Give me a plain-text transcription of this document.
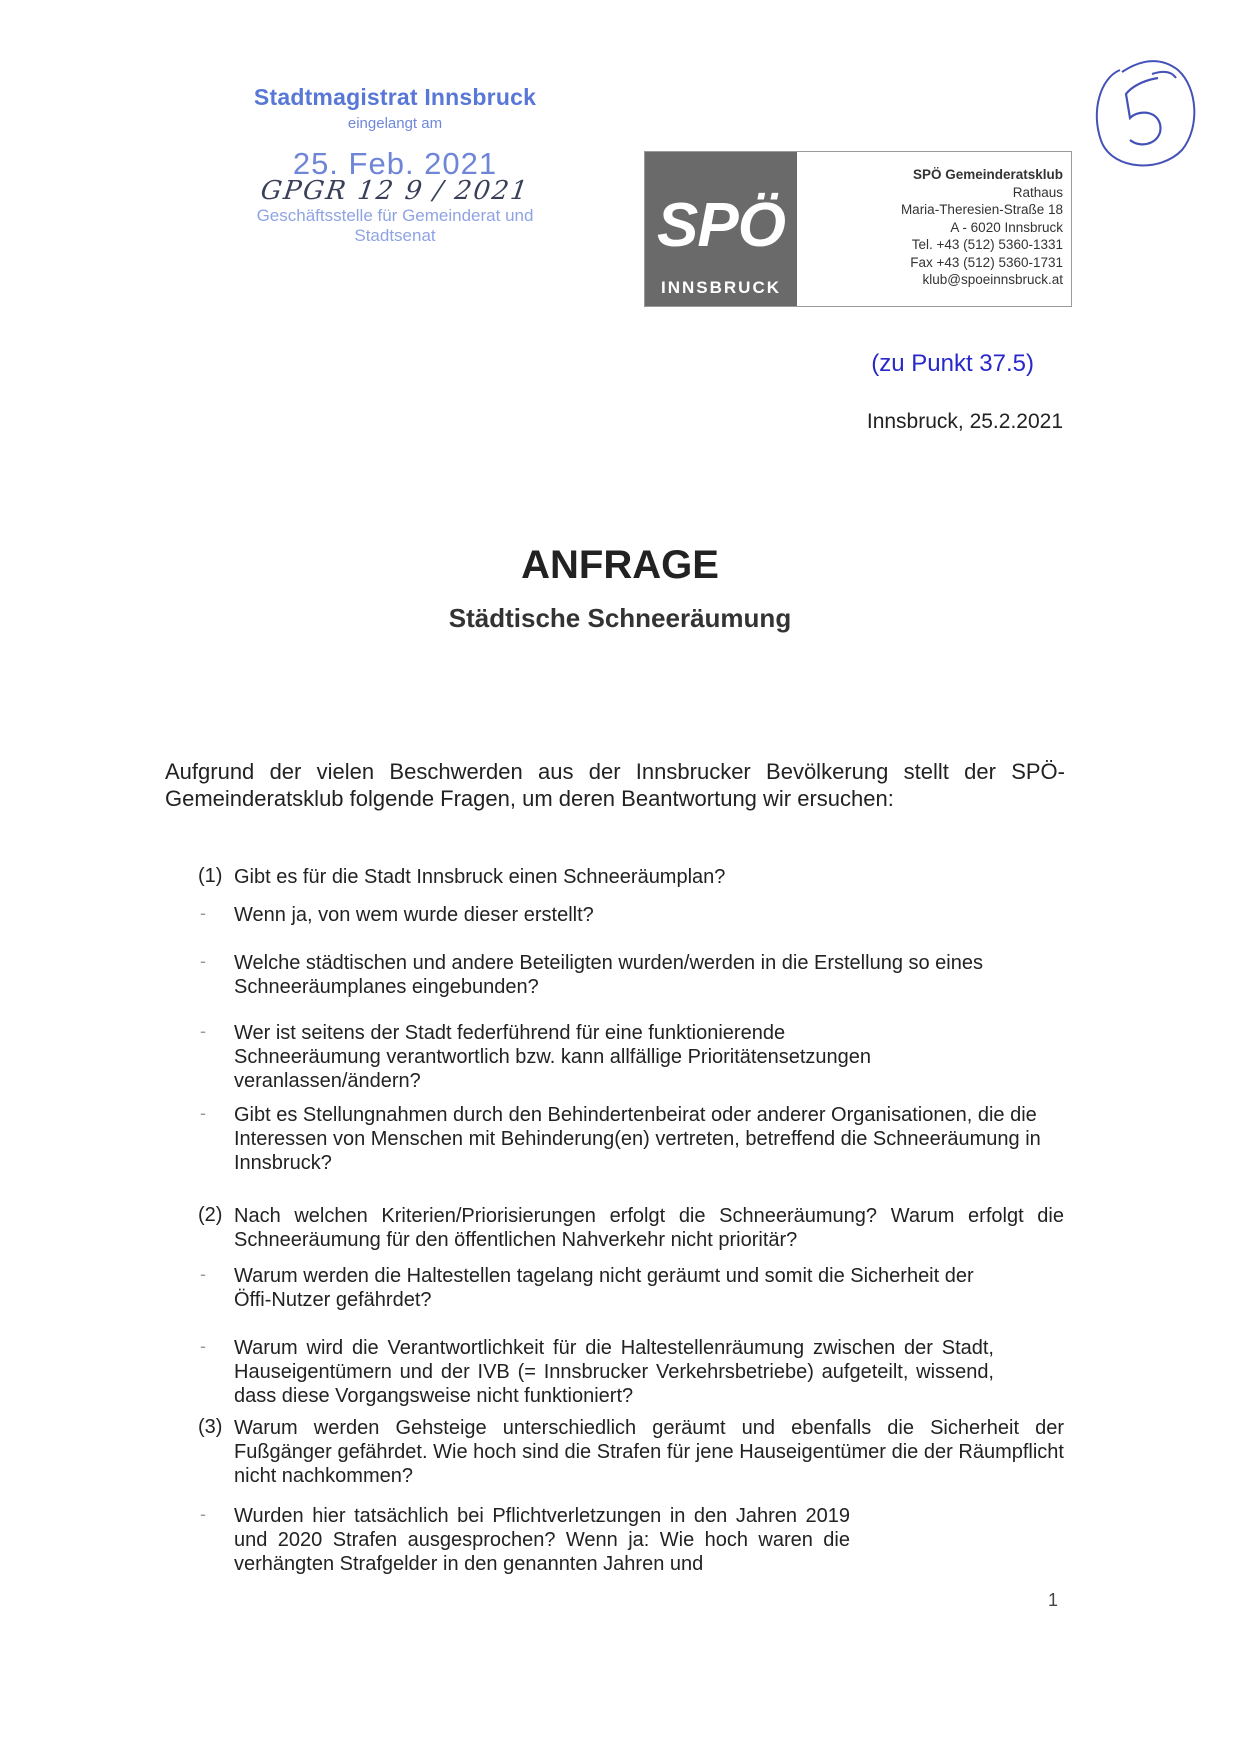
Stadtmagistrat Innsbruck
eingelangt am
25. Feb. 2021
GPGR 12 9 / 2021
Geschäftsstelle für Gemeinderat und Stadtsenat	SPÖ
INNSBRUCK
SPÖ Gemeinderatsklub
Rathaus
Maria-Theresien-Straße 18
A - 6020 Innsbruck
Tel. +43 (512) 5360-1331
Fax +43 (512) 5360-1731
klub@spoeinnsbruck.at
(zu Punkt 37.5)
Innsbruck, 25.2.2021
ANFRAGE
Städtische Schneeräumung
Aufgrund der vielen Beschwerden aus der Innsbrucker Bevölkerung stellt der SPÖ-Gemeinderatsklub folgende Fragen, um deren Beantwortung wir ersuchen:
(1) Gibt es für die Stadt Innsbruck einen Schneeräumplan?
- Wenn ja, von wem wurde dieser erstellt?
- Welche städtischen und andere Beteiligten wurden/werden in die Erstellung so eines Schneeräumplanes eingebunden?
- Wer ist seitens der Stadt federführend für eine funktionierende Schneeräumung verantwortlich bzw. kann allfällige Prioritätensetzungen veranlassen/ändern?
- Gibt es Stellungnahmen durch den Behindertenbeirat oder anderer Organisationen, die die Interessen von Menschen mit Behinderung(en) vertreten, betreffend die Schneeräumung in Innsbruck?
(2) Nach welchen Kriterien/Priorisierungen erfolgt die Schneeräumung? Warum erfolgt die Schneeräumung für den öffentlichen Nahverkehr nicht prioritär?
- Warum werden die Haltestellen tagelang nicht geräumt und somit die Sicherheit der Öffi-Nutzer gefährdet?
- Warum wird die Verantwortlichkeit für die Haltestellenräumung zwischen der Stadt, Hauseigentümern und der IVB (= Innsbrucker Verkehrsbetriebe) aufgeteilt, wissend, dass diese Vorgangsweise nicht funktioniert?
(3) Warum werden Gehsteige unterschiedlich geräumt und ebenfalls die Sicherheit der Fußgänger gefährdet. Wie hoch sind die Strafen für jene Hauseigentümer die der Räumpflicht nicht nachkommen?
- Wurden hier tatsächlich bei Pflichtverletzungen in den Jahren 2019 und 2020 Strafen ausgesprochen? Wenn ja: Wie hoch waren die verhängten Strafgelder in den genannten Jahren und
1
